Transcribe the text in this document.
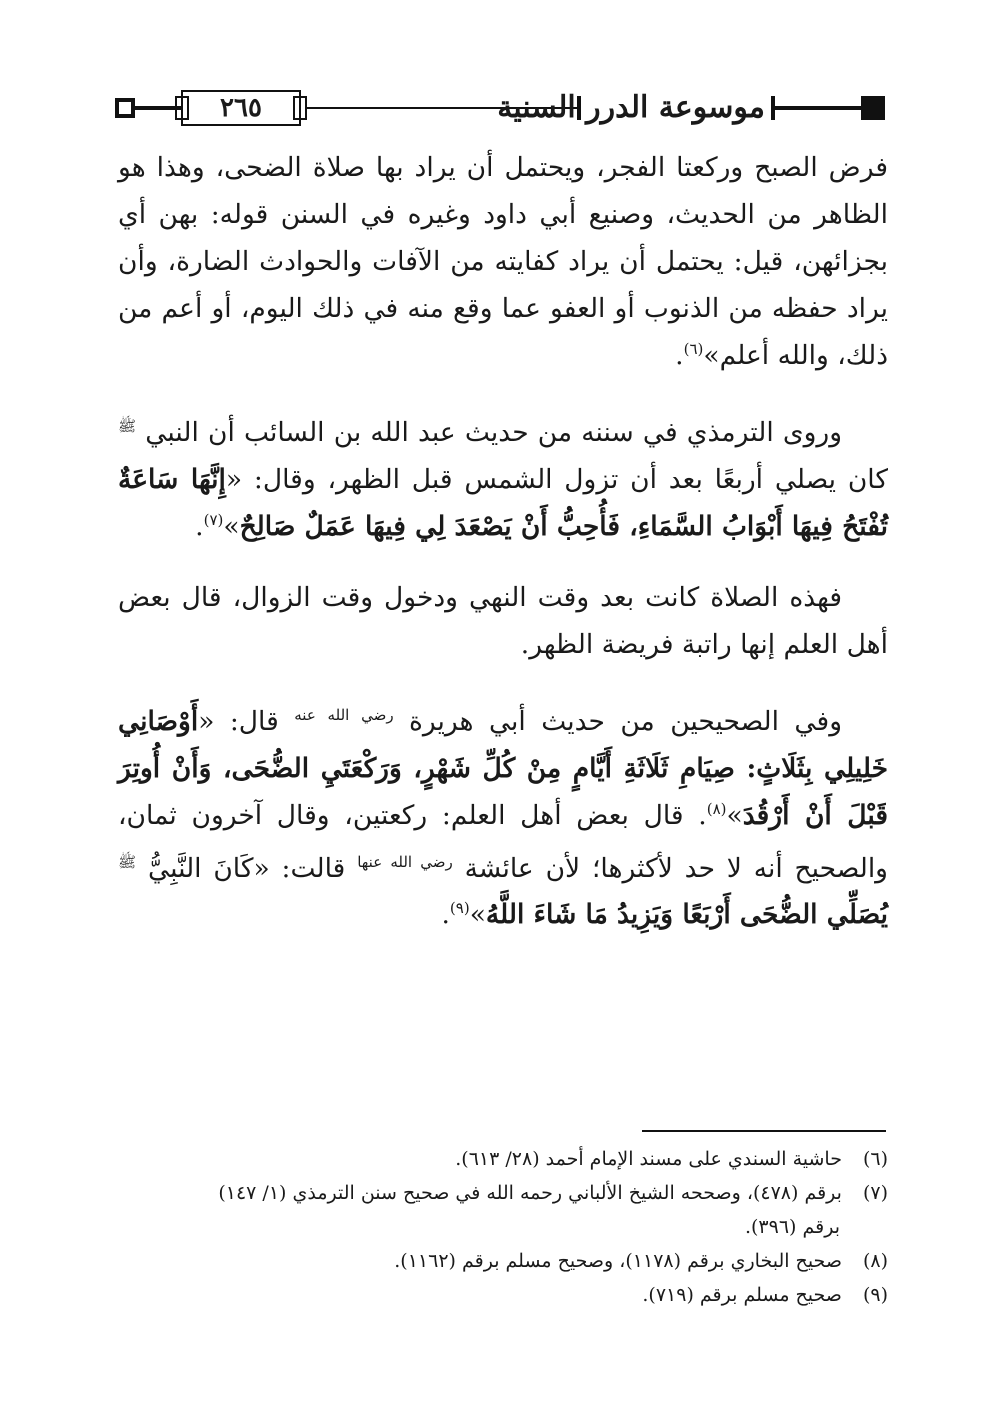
٢٦٥	موسوعة الدرر السنية

فرض الصبح وركعتا الفجر، ويحتمل أن يراد بها صلاة الضحى، وهذا هو الظاهر من الحديث، وصنيع أبي داود وغيره في السنن قوله: بهن أي بجزائهن، قيل: يحتمل أن يراد كفايته من الآفات والحوادث الضارة، وأن يراد حفظه من الذنوب أو العفو عما وقع منه في ذلك اليوم، أو أعم من ذلك، والله أعلم»$^{(٦)}$.

وروى الترمذي في سننه من حديث عبد الله بن السائب أن النبي $^ﷺ$ كان يصلي أربعًا بعد أن تزول الشمس قبل الظهر، وقال: «إِنَّهَا سَاعَةٌ تُفْتَحُ فِيهَا أَبْوَابُ السَّمَاءِ، فَأُحِبُّ أَنْ يَصْعَدَ لِي فِيهَا عَمَلٌ صَالِحٌ»$^{(٧)}$.

فهذه الصلاة كانت بعد وقت النهي ودخول وقت الزوال، قال بعض أهل العلم إنها راتبة فريضة الظهر.

وفي الصحيحين من حديث أبي هريرة $^{رضي الله عنه}$ قال: «أَوْصَانِي خَلِيلِي بِثَلَاثٍ: صِيَامِ ثَلَاثَةِ أَيَّامٍ مِنْ كُلِّ شَهْرٍ، وَرَكْعَتَيِ الضُّحَى، وَأَنْ أُوتِرَ قَبْلَ أَنْ أَرْقُدَ»$^{(٨)}$. قال بعض أهل العلم: ركعتين، وقال آخرون ثمان، والصحيح أنه لا حد لأكثرها؛ لأن عائشة $^{رضي الله عنها}$ قالت: «كَانَ النَّبِيُّ $^ﷺ$ يُصَلِّي الضُّحَى أَرْبَعًا وَيَزِيدُ مَا شَاءَ اللَّهُ»$^{(٩)}$.

(٦) حاشية السندي على مسند الإمام أحمد (٢٨/ ٦١٣).

(٧) برقم (٤٧٨)، وصححه الشيخ الألباني رحمه الله في صحيح سنن الترمذي (١/ ١٤٧)

برقم (٣٩٦).

(٨) صحيح البخاري برقم (١١٧٨)، وصحيح مسلم برقم (١١٦٢).

(٩) صحيح مسلم برقم (٧١٩).
